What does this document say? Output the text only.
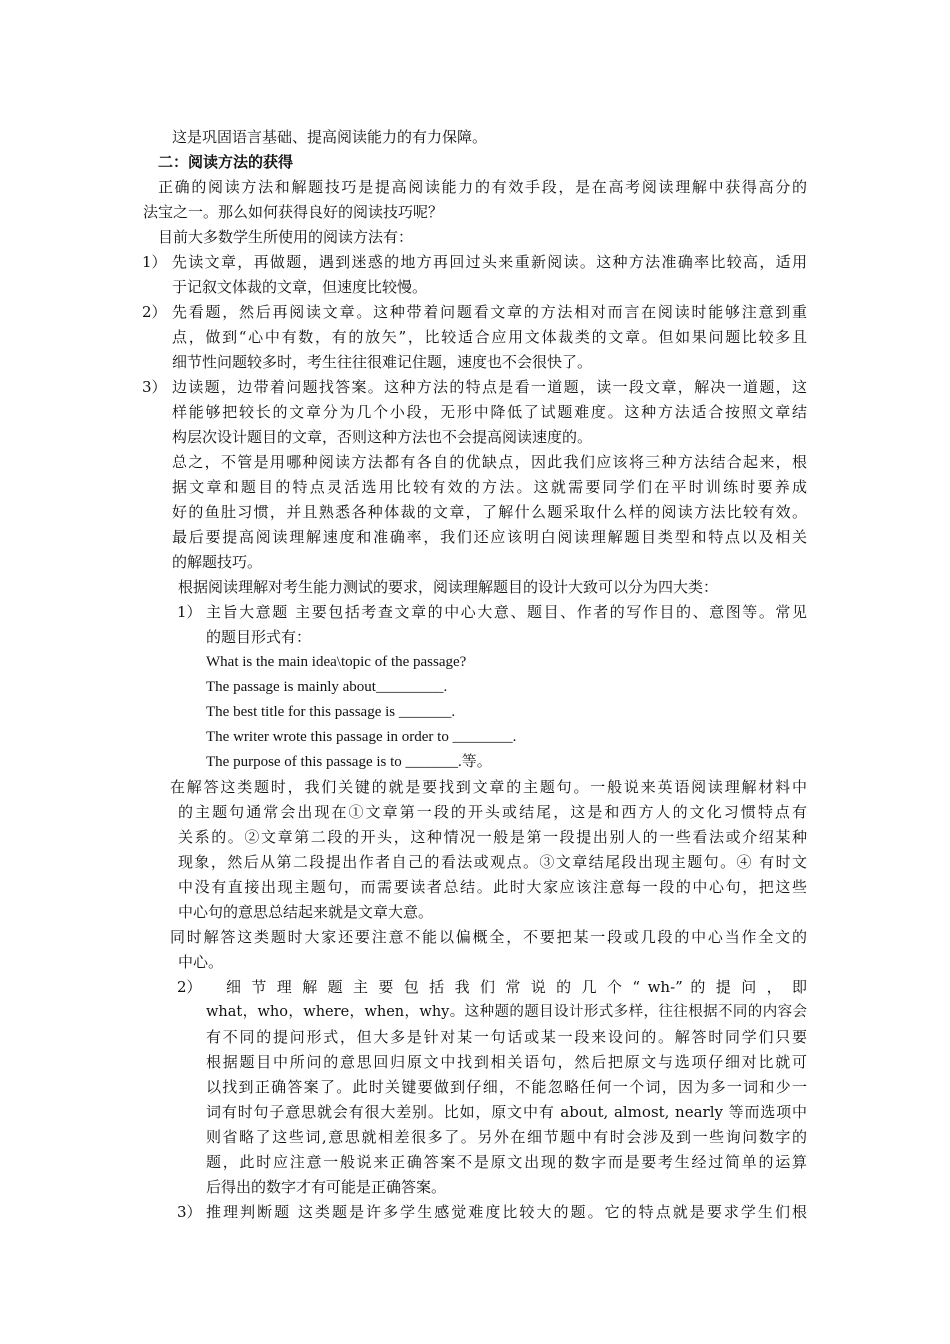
这是巩固语言基础、提高阅读能力的有力保障。
二：阅读方法的获得
正确的阅读方法和解题技巧是提高阅读能力的有效手段，是在高考阅读理解中获得高分的
法宝之一。那么如何获得良好的阅读技巧呢？
目前大多数学生所使用的阅读方法有：
1） 先读文章，再做题，遇到迷惑的地方再回过头来重新阅读。这种方法准确率比较高，适用
于记叙文体裁的文章，但速度比较慢。
2） 先看题，然后再阅读文章。这种带着问题看文章的方法相对而言在阅读时能够注意到重
点，做到“心中有数，有的放矢”，比较适合应用文体裁类的文章。但如果问题比较多且
细节性问题较多时，考生往往很难记住题，速度也不会很快了。
3） 边读题，边带着问题找答案。这种方法的特点是看一道题，读一段文章，解决一道题，这
样能够把较长的文章分为几个小段，无形中降低了试题难度。这种方法适合按照文章结
构层次设计题目的文章，否则这种方法也不会提高阅读速度的。
总之，不管是用哪种阅读方法都有各自的优缺点，因此我们应该将三种方法结合起来，根
据文章和题目的特点灵活选用比较有效的方法。这就需要同学们在平时训练时要养成
好的鱼肚习惯，并且熟悉各种体裁的文章，了解什么题采取什么样的阅读方法比较有效。
最后要提高阅读理解速度和准确率，我们还应该明白阅读理解题目类型和特点以及相关
的解题技巧。
根据阅读理解对考生能力测试的要求，阅读理解题目的设计大致可以分为四大类：
1） 主旨大意题 主要包括考查文章的中心大意、题目、作者的写作目的、意图等。常见
的题目形式有：
What is the main idea\topic of the passage?
The passage is mainly about_________.
The best title for this passage is _______.
The writer wrote this passage in order to ________.
The purpose of this passage is to _______.等。
在解答这类题时，我们关键的就是要找到文章的主题句。一般说来英语阅读理解材料中
的主题句通常会出现在①文章第一段的开头或结尾，这是和西方人的文化习惯特点有
关系的。②文章第二段的开头，这种情况一般是第一段提出别人的一些看法或介绍某种
现象，然后从第二段提出作者自己的看法或观点。③文章结尾段出现主题句。④ 有时文
中没有直接出现主题句，而需要读者总结。此时大家应该注意每一段的中心句，把这些
中心句的意思总结起来就是文章大意。
同时解答这类题时大家还要注意不能以偏概全，不要把某一段或几段的中心当作全文的
中心。
2） 细 节 理 解 题 主 要 包 括 我 们 常 说 的 几 个 “ wh-” 的 提 问 ， 即
what，who，where，when，why。这种题的题目设计形式多样，往往根据不同的内容会
有不同的提问形式，但大多是针对某一句话或某一段来设问的。解答时同学们只要
根据题目中所问的意思回归原文中找到相关语句，然后把原文与选项仔细对比就可
以找到正确答案了。此时关键要做到仔细，不能忽略任何一个词，因为多一词和少一
词有时句子意思就会有很大差别。比如，原文中有 about, almost, nearly 等而选项中
则省略了这些词,意思就相差很多了。另外在细节题中有时会涉及到一些询问数字的
题，此时应注意一般说来正确答案不是原文出现的数字而是要考生经过简单的运算
后得出的数字才有可能是正确答案。
3） 推理判断题 这类题是许多学生感觉难度比较大的题。它的特点就是要求学生们根
